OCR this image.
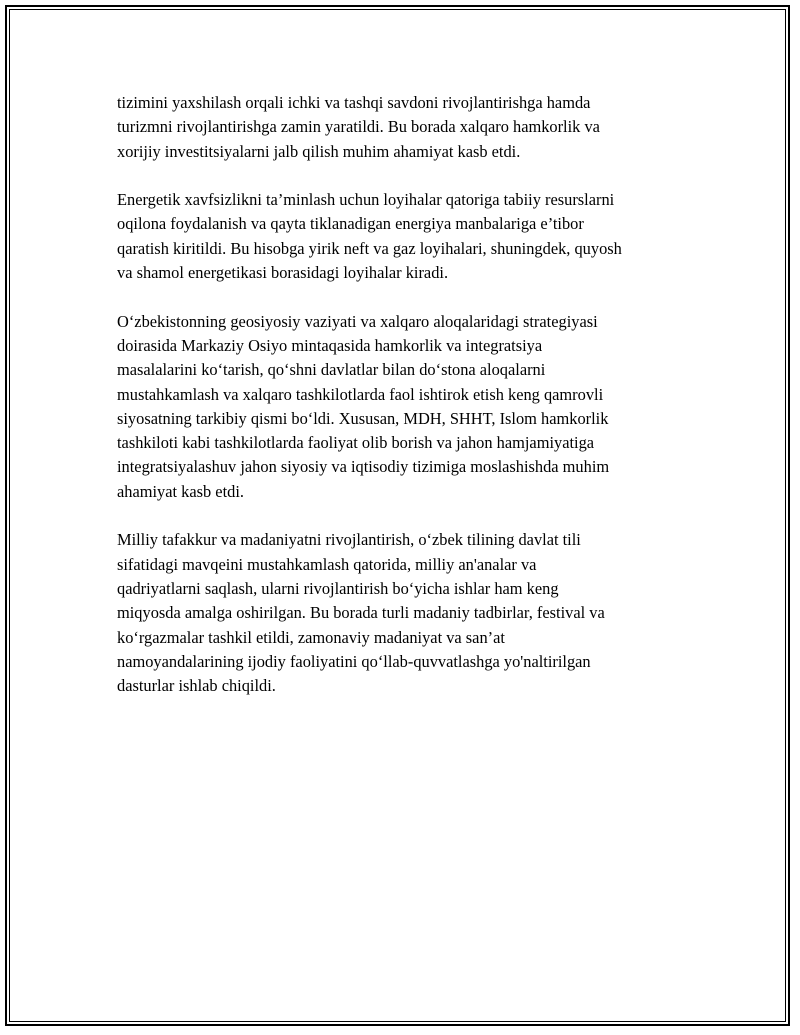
tizimini yaxshilash orqali ichki va tashqi savdoni rivojlantirishga hamda
turizmni rivojlantirishga zamin yaratildi. Bu borada xalqaro hamkorlik va
xorijiy investitsiyalarni jalb qilish muhim ahamiyat kasb etdi.

Energetik xavfsizlikni ta’minlash uchun loyihalar qatoriga tabiiy resurslarni
oqilona foydalanish va qayta tiklanadigan energiya manbalariga e’tibor
qaratish kiritildi. Bu hisobga yirik neft va gaz loyihalari, shuningdek, quyosh
va shamol energetikasi borasidagi loyihalar kiradi.

O‘zbekistonning geosiyosiy vaziyati va xalqaro aloqalaridagi strategiyasi
doirasida Markaziy Osiyo mintaqasida hamkorlik va integratsiya
masalalarini ko‘tarish, qo‘shni davlatlar bilan do‘stona aloqalarni
mustahkamlash va xalqaro tashkilotlarda faol ishtirok etish keng qamrovli
siyosatning tarkibiy qismi bo‘ldi. Xususan, MDH, SHHT, Islom hamkorlik
tashkiloti kabi tashkilotlarda faoliyat olib borish va jahon hamjamiyatiga
integratsiyalashuv jahon siyosiy va iqtisodiy tizimiga moslashishda muhim
ahamiyat kasb etdi.

Milliy tafakkur va madaniyatni rivojlantirish, o‘zbek tilining davlat tili
sifatidagi mavqeini mustahkamlash qatorida, milliy an'analar va
qadriyatlarni saqlash, ularni rivojlantirish bo‘yicha ishlar ham keng
miqyosda amalga oshirilgan. Bu borada turli madaniy tadbirlar, festival va
ko‘rgazmalar tashkil etildi, zamonaviy madaniyat va san’at
namoyandalarining ijodiy faoliyatini qo‘llab-quvvatlashga yo'naltirilgan
dasturlar ishlab chiqildi.
